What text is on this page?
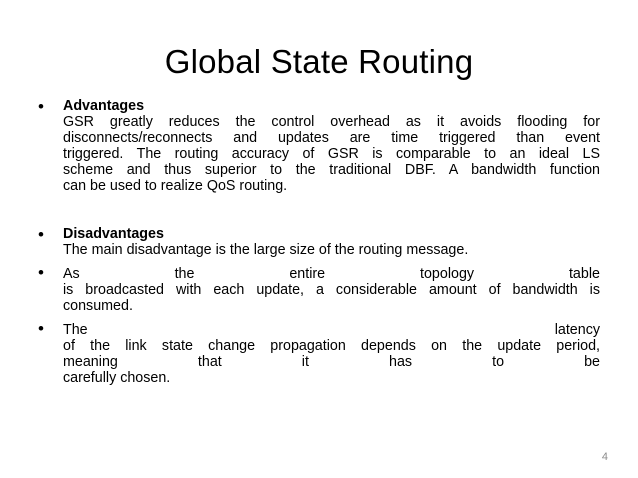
Global State Routing
• Advantages
GSR greatly reduces the control overhead as it avoids flooding for
disconnects/reconnects and updates are time triggered than event
triggered. The routing accuracy of GSR is comparable to an ideal LS
scheme and thus superior to the traditional DBF. A bandwidth function
can be used to realize QoS routing.
• Disadvantages
The main disadvantage is the large size of the routing message.
• As	the	entire	topology	table
is broadcasted with each update, a considerable amount of bandwidth is
consumed.
• The	latency
of the link state change propagation depends on the update period,
meaning	that	it	has	to	be
carefully chosen.
4
